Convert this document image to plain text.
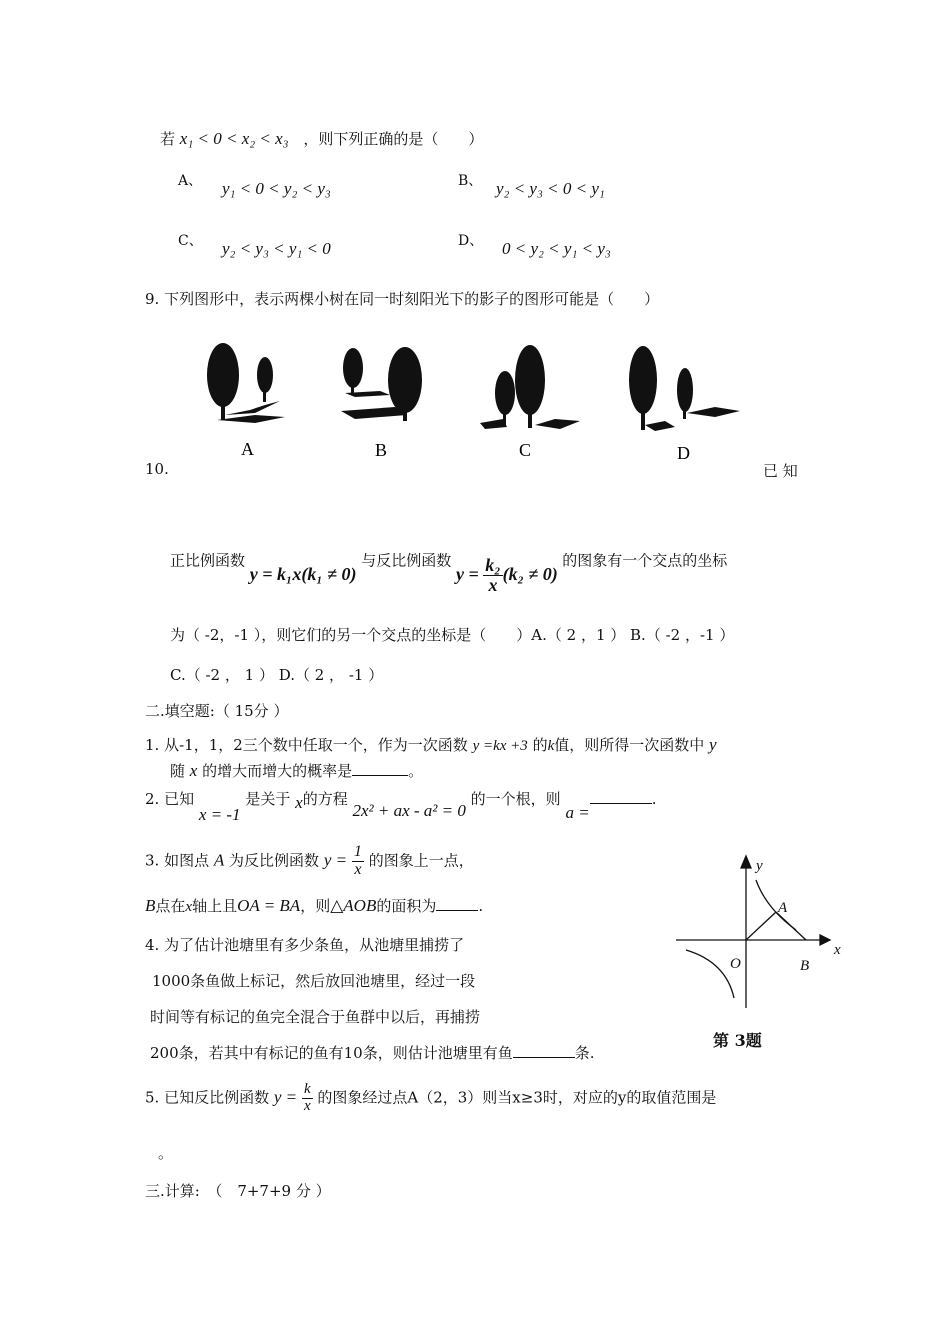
若 x₁ < 0 < x₂ < x₃ ，则下列正确的是（　　）
A、 y₁ < 0 < y₂ < y₃	B、 y₂ < y₃ < 0 < y₁
C、 y₂ < y₃ < y₁ < 0	D、 0 < y₂ < y₁ < y₃
9. 下列图形中，表示两棵小树在同一时刻阳光下的影子的图形可能是（　　）
A	B	C	D
10.	已 知
正比例函数 y = k₁x(k₁ ≠ 0) 与反比例函数 $y = \frac{\text{k₂}}{x} (k_2 \ne 0)$ 的图象有一个交点的坐标
为（ -2，-1 ），则它们的另一个交点的坐标是（　　）A.（ 2 ，1 ） B.（ -2 ，-1 ）
C.（ -2 ， 1 ） D.（ 2 ， -1 ）
二.填空题:（ 15分 ）
1. 从-1，1，2三个数中任取一个，作为一次函数 y =kx +3 的k值，则所得一次函数中 y
随 x 的增大而增大的概率是	。
2. 已知 x = -1 是关于 x的方程 2x² + ax - a² = 0 的一个根，则 a =.
3. 如图点 A 为反比例函数 $y = \frac{1}{x}$ 的图象上一点，
B点在x轴上且OA = BA，则△AOB的面积为	.
4. 为了估计池塘里有多少条鱼，从池塘里捕捞了
1000条鱼做上标记，然后放回池塘里，经过一段
时间等有标记的鱼完全混合于鱼群中以后，再捕捞
200条，若其中有标记的鱼有10条，则估计池塘里有鱼	条.
y
x
A
O	B
第 3题
5. 已知反比例函数 $y = \frac{k}{x}$ 的图象经过点A（2，3）则当x≥3时，对应的y的取值范围是
。
三.计算:　（　7+7+9 分 ）
